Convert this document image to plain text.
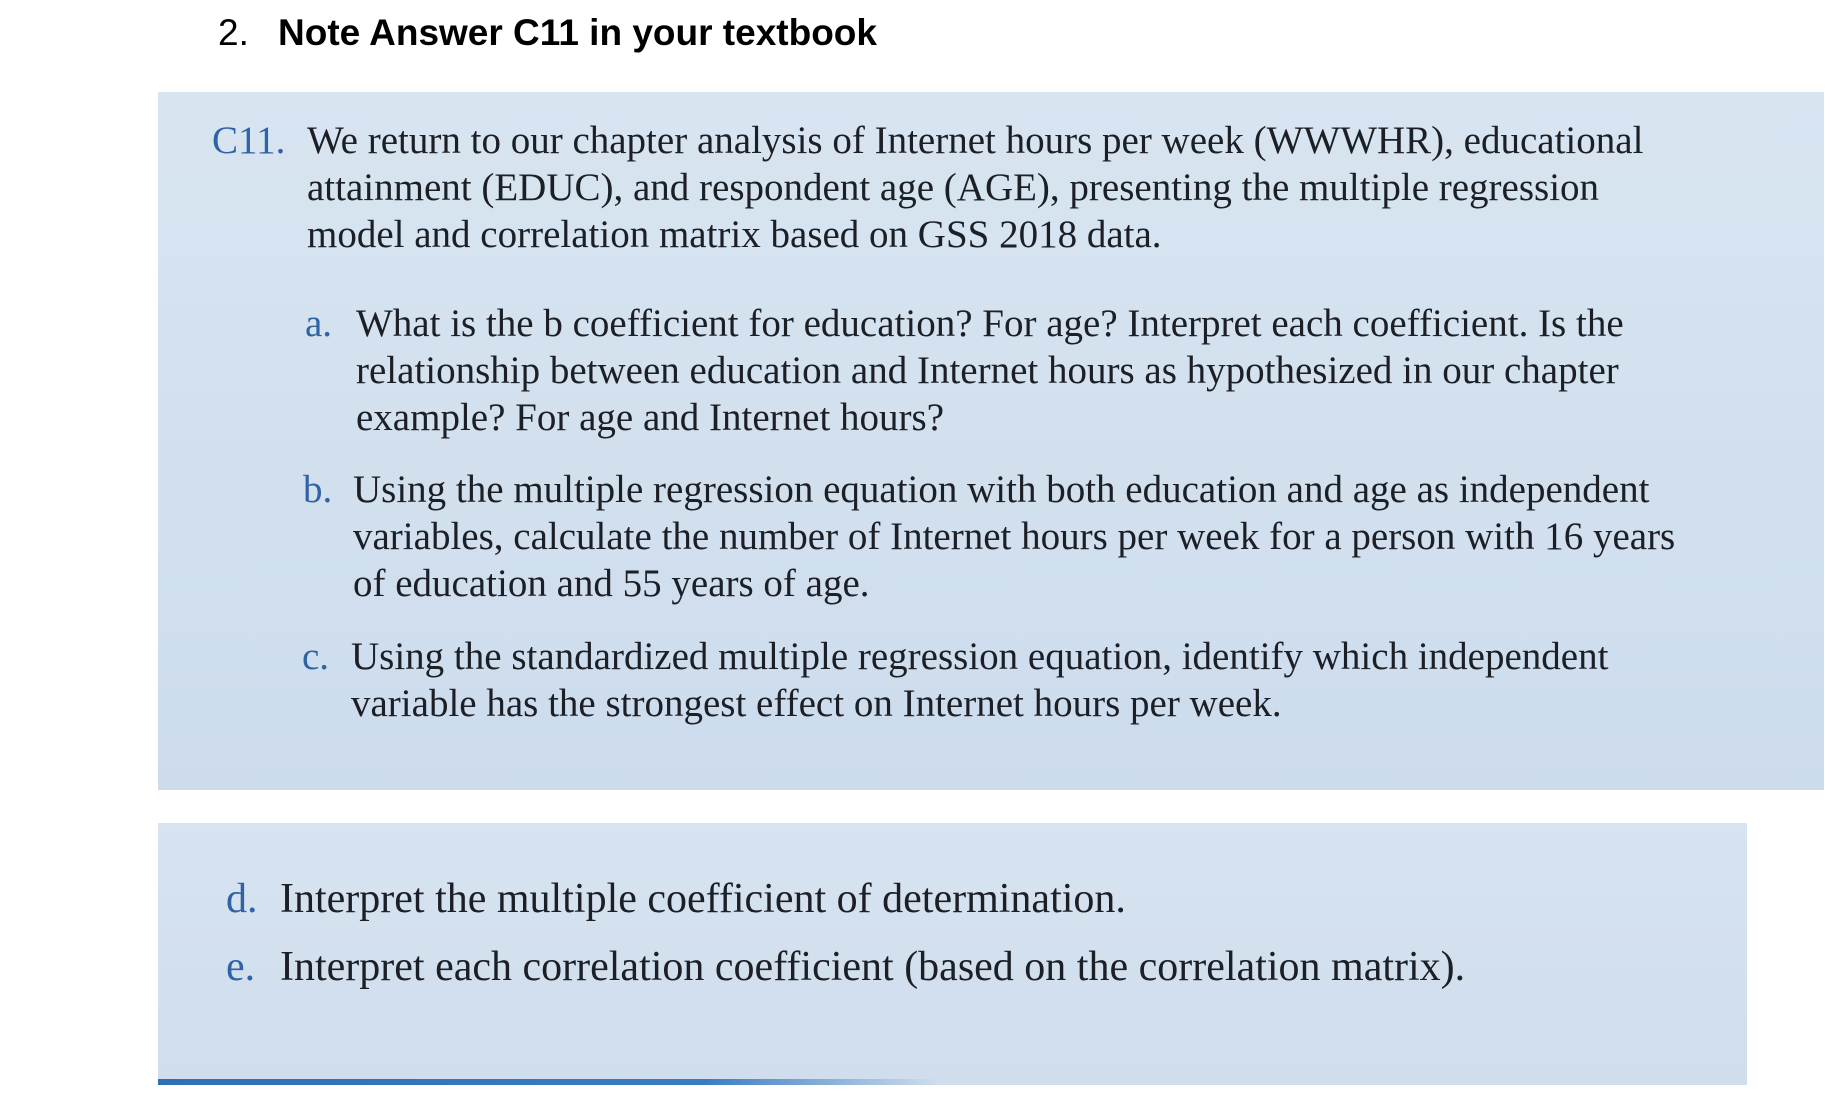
2. Note Answer C11 in your textbook
C11. We return to our chapter analysis of Internet hours per week (WWWHR), educational
attainment (EDUC), and respondent age (AGE), presenting the multiple regression
model and correlation matrix based on GSS 2018 data.
a. What is the b coefficient for education? For age? Interpret each coefficient. Is the
relationship between education and Internet hours as hypothesized in our chapter
example? For age and Internet hours?
b. Using the multiple regression equation with both education and age as independent
variables, calculate the number of Internet hours per week for a person with 16 years
of education and 55 years of age.
c. Using the standardized multiple regression equation, identify which independent
variable has the strongest effect on Internet hours per week.
d. Interpret the multiple coefficient of determination.
e. Interpret each correlation coefficient (based on the correlation matrix).
